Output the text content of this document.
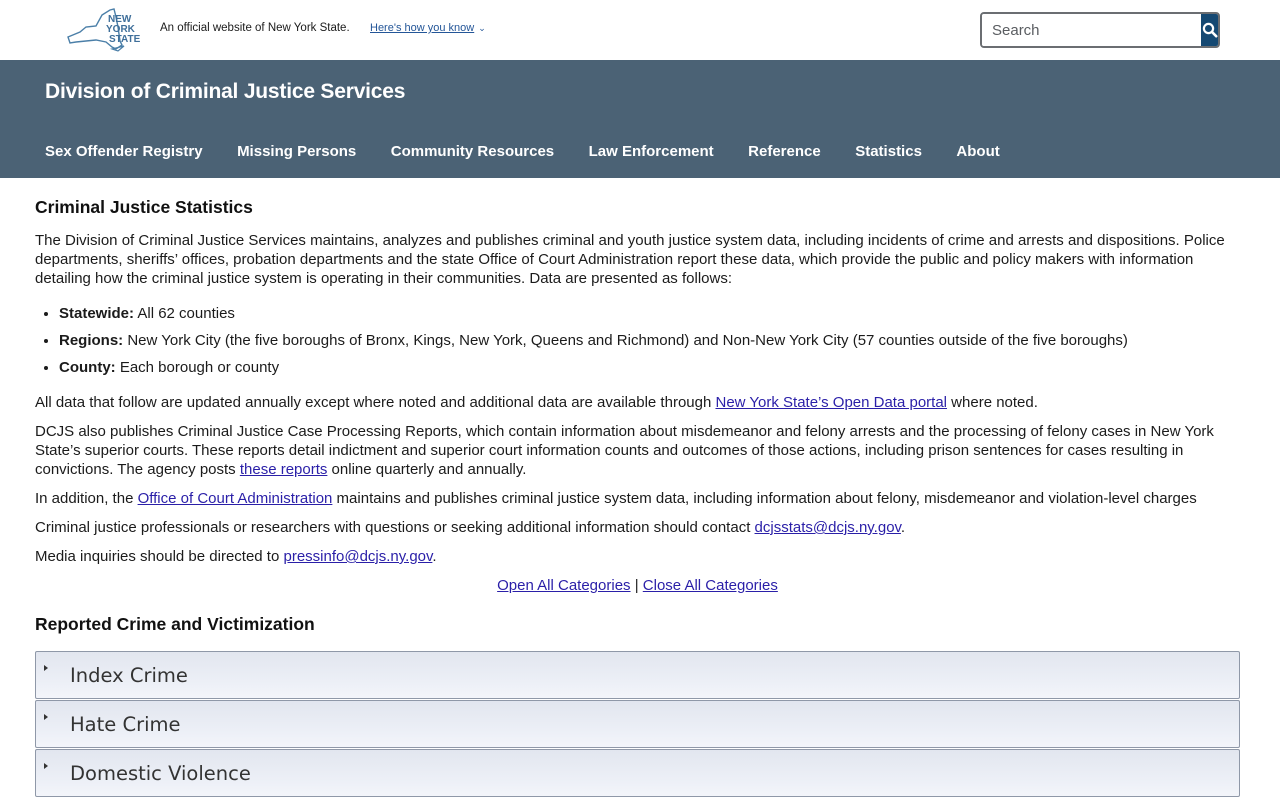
NEW
YORK
STATE
An official website of New York State. Here's how you know ⌄
Search
Division of Criminal Justice Services
Sex Offender Registry Missing Persons Community Resources Law Enforcement Reference Statistics About
Criminal Justice Statistics

The Division of Criminal Justice Services maintains, analyzes and publishes criminal and youth justice system data, including incidents of crime and arrests and dispositions. Police departments, sheriffs’ offices, probation departments and the state Office of Court Administration report these data, which provide the public and policy makers with information detailing how the criminal justice system is operating in their communities. Data are presented as follows:

• Statewide: All 62 counties
• Regions: New York City (the five boroughs of Bronx, Kings, New York, Queens and Richmond) and Non-New York City (57 counties outside of the five boroughs)
• County: Each borough or county

All data that follow are updated annually except where noted and additional data are available through New York State’s Open Data portal where noted.

DCJS also publishes Criminal Justice Case Processing Reports, which contain information about misdemeanor and felony arrests and the processing of felony cases in New York State’s superior courts. These reports detail indictment and superior court information counts and outcomes of those actions, including prison sentences for cases resulting in convictions. The agency posts these reports online quarterly and annually.

In addition, the Office of Court Administration maintains and publishes criminal justice system data, including information about felony, misdemeanor and violation-level charges

Criminal justice professionals or researchers with questions or seeking additional information should contact dcjsstats@dcjs.ny.gov.

Media inquiries should be directed to pressinfo@dcjs.ny.gov.

Open All Categories | Close All Categories
Reported Crime and Victimization
Index Crime
Hate Crime
Domestic Violence
